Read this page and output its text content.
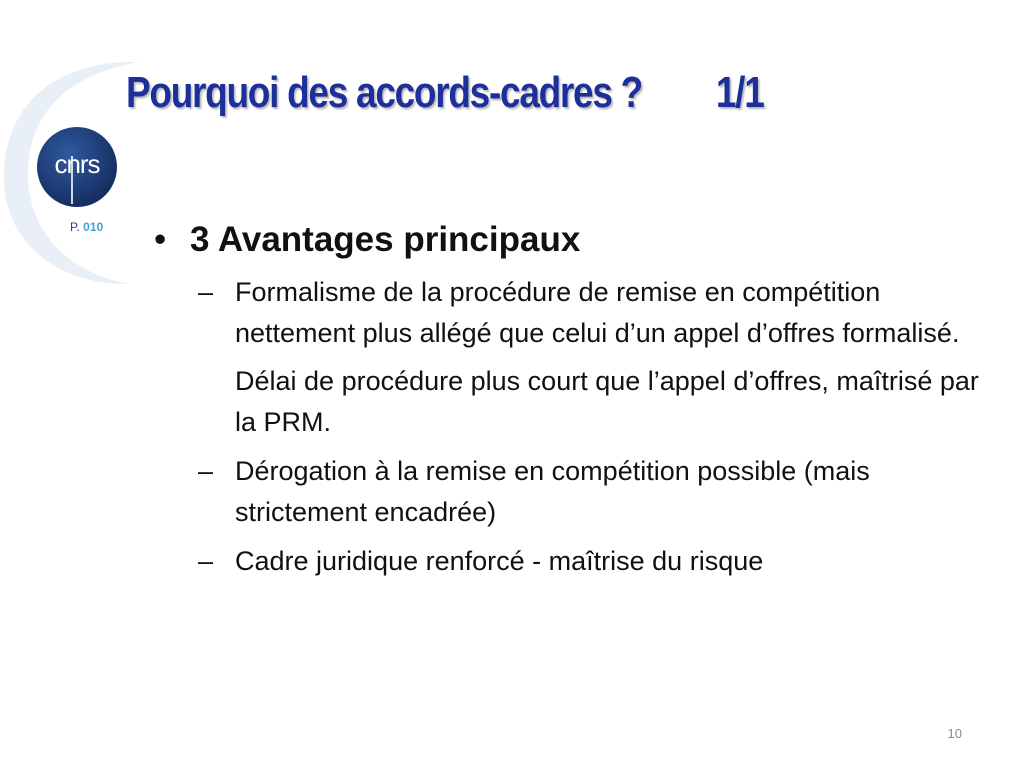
cnrs
P. 010
Pourquoi des accords-cadres ? 1/1
• 3 Avantages principaux
– Formalisme de la procédure de remise en compétition nettement plus allégé que celui d’un appel d’offres formalisé.
Délai de procédure plus court que l’appel d’offres, maîtrisé par la PRM.
– Dérogation à la remise en compétition possible (mais strictement encadrée)
– Cadre juridique renforcé - maîtrise du risque
10
